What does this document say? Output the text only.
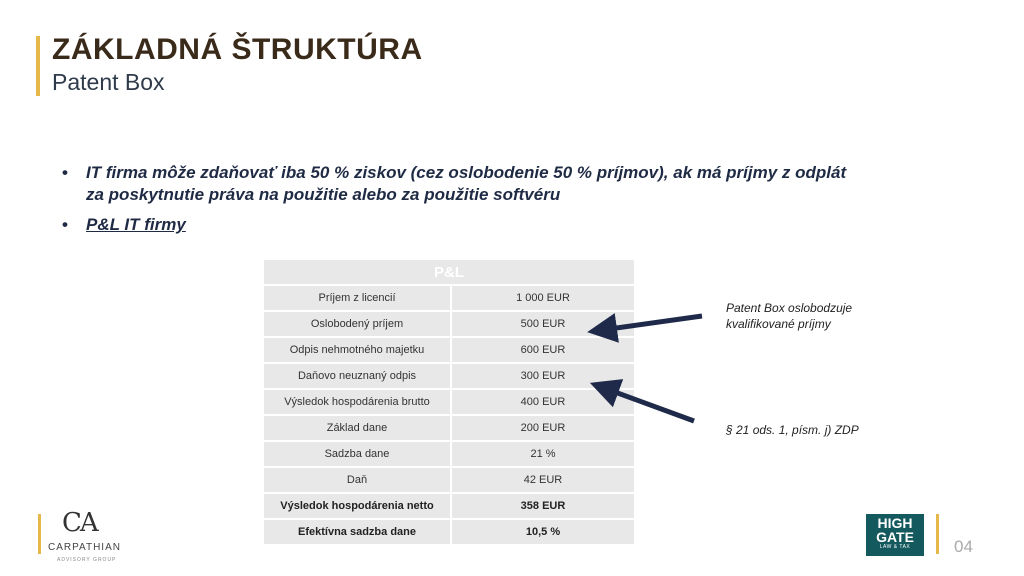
ZÁKLADNÁ ŠTRUKTÚRA
Patent Box
• IT firma môže zdaňovať iba 50 % ziskov (cez oslobodenie 50 % príjmov), ak má príjmy z odplát za poskytnutie práva na použitie alebo za použitie softvéru
• P&L IT firmy
P&L	
Príjem z licencií	1 000 EUR
Oslobodený príjem	500 EUR
Odpis nehmotného majetku	600 EUR
Daňovo neuznaný odpis	300 EUR
Výsledok hospodárenia brutto	400 EUR
Základ dane	200 EUR
Sadzba dane	21 %
Daň	42 EUR
Výsledok hospodárenia netto	358 EUR
Efektívna sadzba dane	10,5 %
Patent Box oslobodzuje kvalifikované príjmy
§ 21 ods. 1, písm. j) ZDP
CA
CARPATHIAN
ADVISORY GROUP
HIGH
GATE
LAW & TAX	04
